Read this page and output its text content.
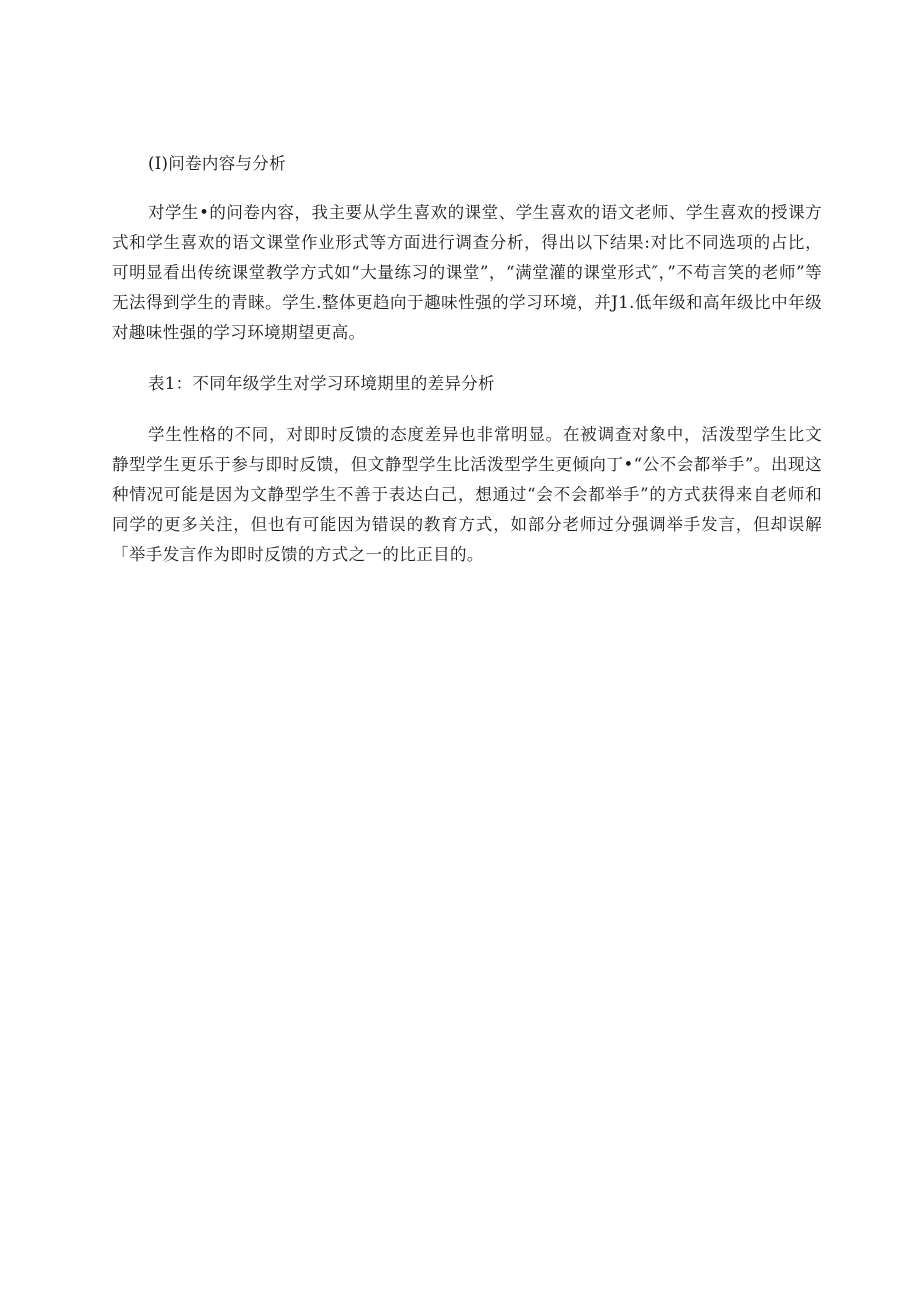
(I)问卷内容与分析

对学生•的问卷内容，我主要从学生喜欢的课堂、学生喜欢的语文老师、学生喜欢的授课方式和学生喜欢的语文课堂作业形式等方面进行调查分析，得出以下结果:对比不同选项的占比，可明显看出传统课堂教学方式如“大量练习的课堂”，“满堂灌的课堂形式″，”不苟言笑的老师”等无法得到学生的青睐。学生.整体更趋向于趣味性强的学习环境，并J1.低年级和高年级比中年级对趣味性强的学习环境期望更高。

表1：不同年级学生对学习环境期里的差异分析

学生性格的不同，对即时反馈的态度差异也非常明显。在被调查对象中，活泼型学生比文静型学生更乐于参与即时反馈，但文静型学生比活泼型学生更倾向丁•“公不会都举手”。出现这种情况可能是因为文静型学生不善于表达白己，想通过“会不会都举手”的方式获得来自老师和同学的更多关注，但也有可能因为错误的教育方式，如部分老师过分强调举手发言，但却误解「举手发言作为即时反馈的方式之一的比正目的。
